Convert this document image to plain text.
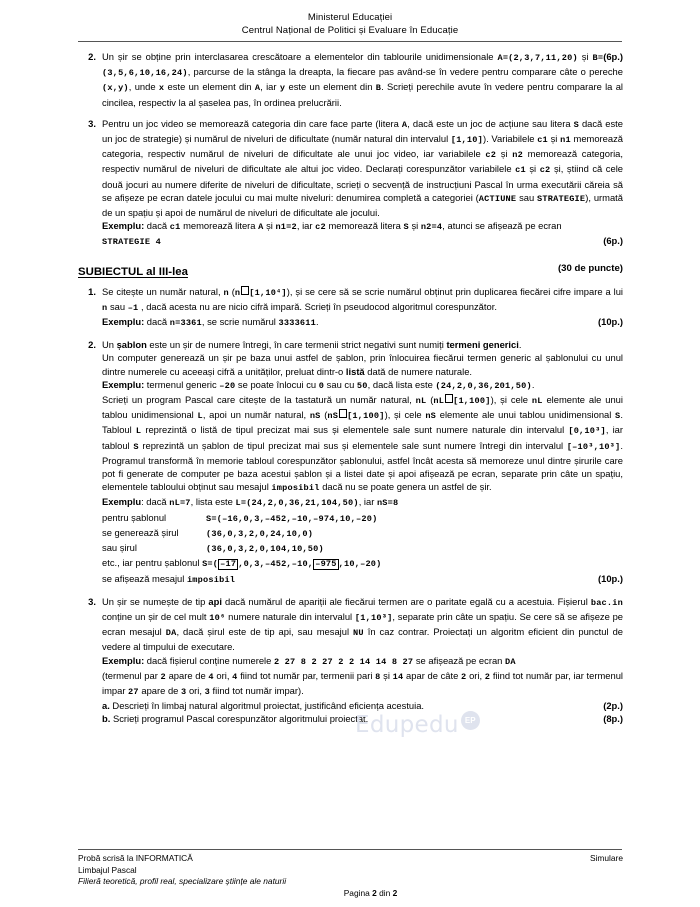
Ministerul Educației
Centrul Național de Politici și Evaluare în Educație
2.	(6p.)
Un șir se obține prin interclasarea crescătoare a elementelor din tablourile unidimensionale A=(2,3,7,11,20) și B=(3,5,6,10,16,24), parcurse de la stânga la dreapta, la fiecare pas având-se în vedere pentru comparare câte o pereche (x,y), unde x este un element din A, iar y este un element din B. Scrieți perechile avute în vedere pentru comparare la al cincilea, respectiv la al șaselea pas, în ordinea prelucrării.
3. Pentru un joc video se memorează categoria din care face parte (litera A, dacă este un joc de acțiune sau litera S dacă este un joc de strategie) și numărul de niveluri de dificultate (număr natural din intervalul [1,10]). Variabilele c1 și n1 memorează categoria, respectiv numărul de niveluri de dificultate ale unui joc video, iar variabilele c2 și n2 memorează categoria, respectiv numărul de niveluri de dificultate ale altui joc video. Declarați corespunzător variabilele c1 și c2 și, știind că cele două jocuri au numere diferite de niveluri de dificultate, scrieți o secvență de instrucțiuni Pascal în urma executării căreia să se afișeze pe ecran datele jocului cu mai multe niveluri: denumirea completă a categoriei (ACTIUNE sau STRATEGIE), urmată de un spațiu și apoi de numărul de niveluri de dificultate ale jocului.
Exemplu: dacă c1 memorează litera A și n1=2, iar c2 memorează litera S și n2=4, atunci se afișează pe ecran
(6p.)
STRATEGIE 4
SUBIECTUL al III-lea	(30 de puncte)
1. Se citește un număr natural, n (n [1,10⁴]), și se cere să se scrie numărul obținut prin duplicarea fiecărei cifre impare a lui n sau –1 , dacă acesta nu are nicio cifră impară. Scrieți în pseudocod algoritmul corespunzător.
(10p.)
Exemplu: dacă n=3361, se scrie numărul 3333611.
2. Un șablon este un șir de numere întregi, în care termenii strict negativi sunt numiți termeni generici.
Un computer generează un șir pe baza unui astfel de șablon, prin înlocuirea fiecărui termen generic al șablonului cu unul dintre numerele cu aceeași cifră a unităților, preluat dintr-o listă dată de numere naturale.
Exemplu: termenul generic –20 se poate înlocui cu 0 sau cu 50, dacă lista este (24,2,0,36,201,50).
Scrieți un program Pascal care citește de la tastatură un număr natural, nL (nL [1,100]), și cele nL elemente ale unui tablou unidimensional L, apoi un număr natural, nS (nS [1,100]), și cele nS elemente ale unui tablou unidimensional S. Tabloul L reprezintă o listă de tipul precizat mai sus și elementele sale sunt numere naturale din intervalul [0,10³], iar tabloul S reprezintă un șablon de tipul precizat mai sus și elementele sale sunt numere întregi din intervalul [–10³,10³]. Programul transformă în memorie tabloul corespunzător șablonului, astfel încât acesta să memoreze unul dintre șirurile care pot fi generate de computer pe baza acestui șablon și a listei date și apoi afișează pe ecran, separate prin câte un spațiu, elementele tabloului obținut sau mesajul imposibil dacă nu se poate genera un astfel de șir.
Exemplu: dacă nL=7, lista este L=(24,2,0,36,21,104,50), iar nS=8
pentru șablonul	S=(–16,0,3,–452,–10,–974,10,–20)
se generează șirul	(36,0,3,2,0,24,10,0)
sau șirul	(36,0,3,2,0,104,10,50)
etc., iar pentru șablonul S=( –17 ,0,3,–452,–10, –975 ,10,–20)
(10p.)
se afișează mesajul imposibil
3. Un șir se numește de tip api dacă numărul de apariții ale fiecărui termen are o paritate egală cu a acestuia. Fișierul bac.in conține un șir de cel mult 10⁶ numere naturale din intervalul [1,10³], separate prin câte un spațiu. Se cere să se afișeze pe ecran mesajul DA, dacă șirul este de tip api, sau mesajul NU în caz contrar. Proiectați un algoritm eficient din punctul de vedere al timpului de executare.
Exemplu: dacă fișierul conține numerele 2 27 8 2 27 2 2 14 14 8 27 se afișează pe ecran DA
(termenul par 2 apare de 4 ori, 4 fiind tot număr par, termenii pari 8 și 14 apar de câte 2 ori, 2 fiind tot număr par, iar termenul impar 27 apare de 3 ori, 3 fiind tot număr impar).
(2p.)
a. Descrieți în limbaj natural algoritmul proiectat, justificând eficiența acestuia.
(8p.)
b. Scrieți programul Pascal corespunzător algoritmului proiectat.
Edupedu EP
Probă scrisă la INFORMATICĂ
Limbajul Pascal
Filieră teoretică, profil real, specializare științe ale naturii
Simulare
Pagina 2 din 2
